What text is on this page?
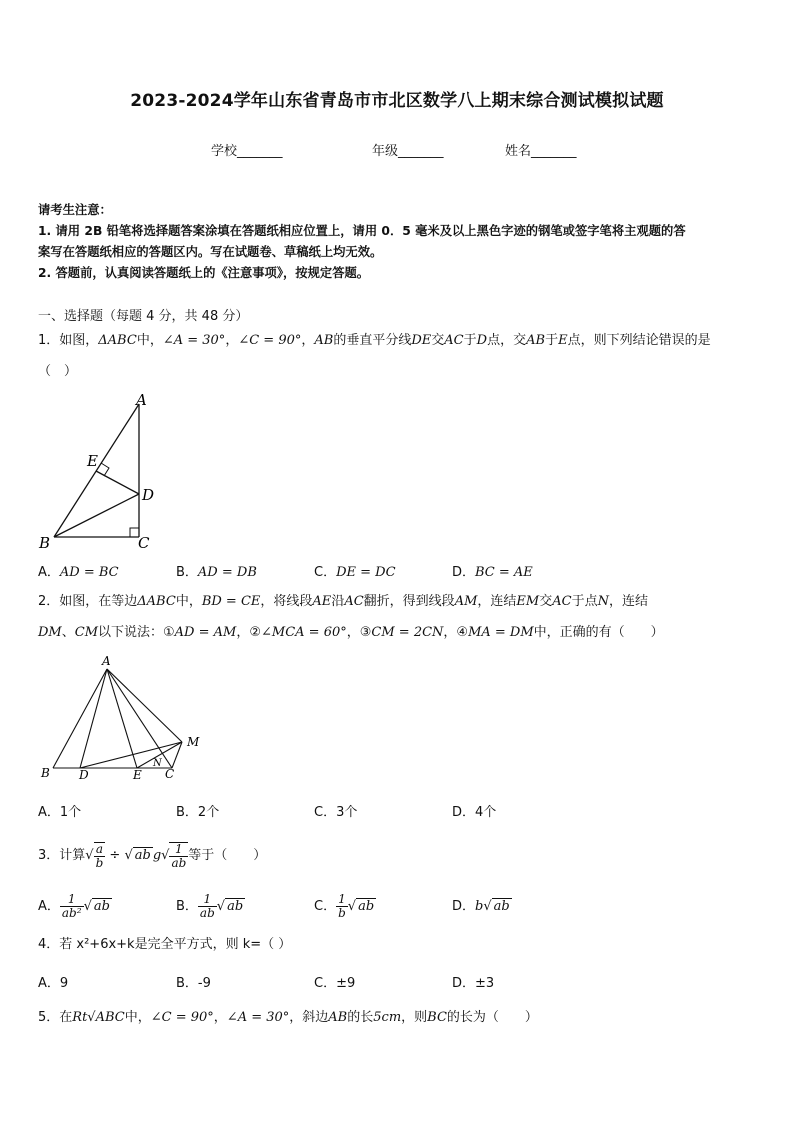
2023-2024学年山东省青岛市市北区数学八上期末综合测试模拟试题
学校_______	年级_______	姓名_______
请考生注意：
1. 请用 2B 铅笔将选择题答案涂填在答题纸相应位置上，请用 0．5 毫米及以上黑色字迹的钢笔或签字笔将主观题的答
案写在答题纸相应的答题区内。写在试题卷、草稿纸上均无效。
2. 答题前，认真阅读答题纸上的《注意事项》，按规定答题。
一、选择题（每题 4 分，共 48 分）
1．如图，ΔABC中，∠A = 30°，∠C = 90°，AB的垂直平分线DE交AC于D点，交AB于E点，则下列结论错误的是
（　）
A
B	C
D
E
A．AD = BC	B．AD = DB	C．DE = DC	D．BC = AE
2．如图，在等边ΔABC中，BD = CE，将线段AE沿AC翻折，得到线段AM，连结EM交AC于点N，连结
DM、CM以下说法：①AD = AM，②∠MCA = 60°，③CM = 2CN，④MA = DM中，正确的有（　　）
A
B D	E
N
C
M
A．1个	B．2个	C．3个	D．4个
3．计算√ $\frac{a}{b}$ ÷ √ ab $g√ \frac{1}{ab}$ 等于（　　）
A． $\frac{1}{\text{ab²}}$ √ ab	B． $\frac{1}{ab}$ √ ab	C． $\frac{1}{b}$ √ ab	D．b√ ab
4．若 x²+6x+k是完全平方式，则 k=（ ）
A．9	B．-9	C．±9	D．±3
5．在Rt√ABC中，∠C = 90°，∠A = 30°，斜边AB的长5cm，则BC的长为（　　）
